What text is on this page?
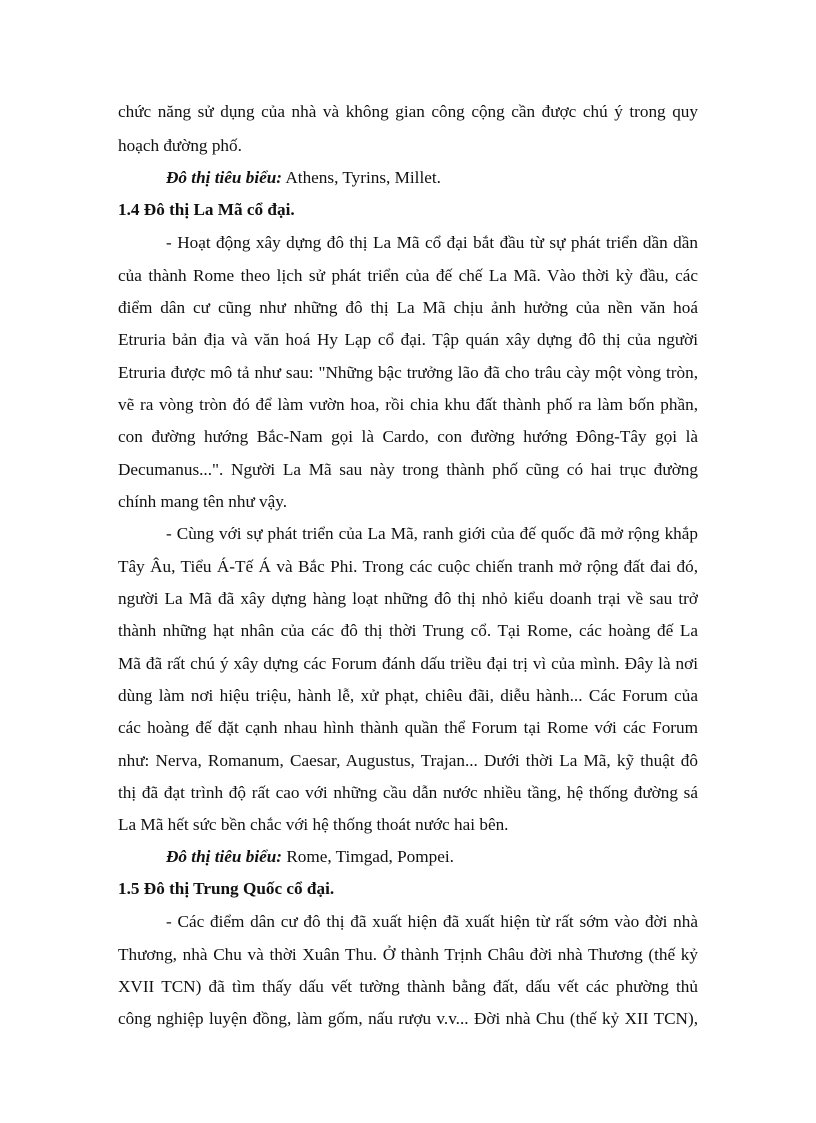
chức năng sử dụng của nhà và không gian công cộng cần được chú ý trong quy
hoạch đường phố.
Đô thị tiêu biểu: Athens, Tyrins, Millet.
1.4 Đô thị La Mã cổ đại.
- Hoạt động xây dựng đô thị La Mã cổ đại bắt đầu từ sự phát triển dần dần
của thành Rome theo lịch sử phát triển của đế chế La Mã. Vào thời kỳ đầu, các
điểm dân cư cũng như những đô thị La Mã chịu ảnh hưởng của nền văn hoá
Etruria bản địa và văn hoá Hy Lạp cổ đại. Tập quán xây dựng đô thị của người
Etruria được mô tả như sau: "Những bậc trưởng lão đã cho trâu cày một vòng tròn,
vẽ ra vòng tròn đó để làm vườn hoa, rồi chia khu đất thành phố ra làm bốn phần,
con đường hướng Bắc-Nam gọi là Cardo, con đường hướng Đông-Tây gọi là
Decumanus...". Người La Mã sau này trong thành phố cũng có hai trục đường
chính mang tên như vậy.
- Cùng với sự phát triển của La Mã, ranh giới của đế quốc đã mở rộng khắp
Tây Âu, Tiểu Á-Tế Á và Bắc Phi. Trong các cuộc chiến tranh mở rộng đất đai đó,
người La Mã đã xây dựng hàng loạt những đô thị nhỏ kiểu doanh trại về sau trở
thành những hạt nhân của các đô thị thời Trung cổ. Tại Rome, các hoàng đế La
Mã đã rất chú ý xây dựng các Forum đánh dấu triều đại trị vì của mình. Đây là nơi
dùng làm nơi hiệu triệu, hành lễ, xử phạt, chiêu đãi, diễu hành... Các Forum của
các hoàng đế đặt cạnh nhau hình thành quần thể Forum tại Rome với các Forum
như: Nerva, Romanum, Caesar, Augustus, Trajan... Dưới thời La Mã, kỹ thuật đô
thị đã đạt trình độ rất cao với những cầu dẫn nước nhiều tầng, hệ thống đường sá
La Mã hết sức bền chắc với hệ thống thoát nước hai bên.
Đô thị tiêu biểu: Rome, Timgad, Pompei.
1.5 Đô thị Trung Quốc cổ đại.
- Các điểm dân cư đô thị đã xuất hiện đã xuất hiện từ rất sớm vào đời nhà
Thương, nhà Chu và thời Xuân Thu. Ở thành Trịnh Châu đời nhà Thương (thế kỷ
XVII TCN) đã tìm thấy dấu vết tường thành bằng đất, dấu vết các phường thủ
công nghiệp luyện đồng, làm gốm, nấu rượu v.v... Đời nhà Chu (thế kỷ XII TCN),
